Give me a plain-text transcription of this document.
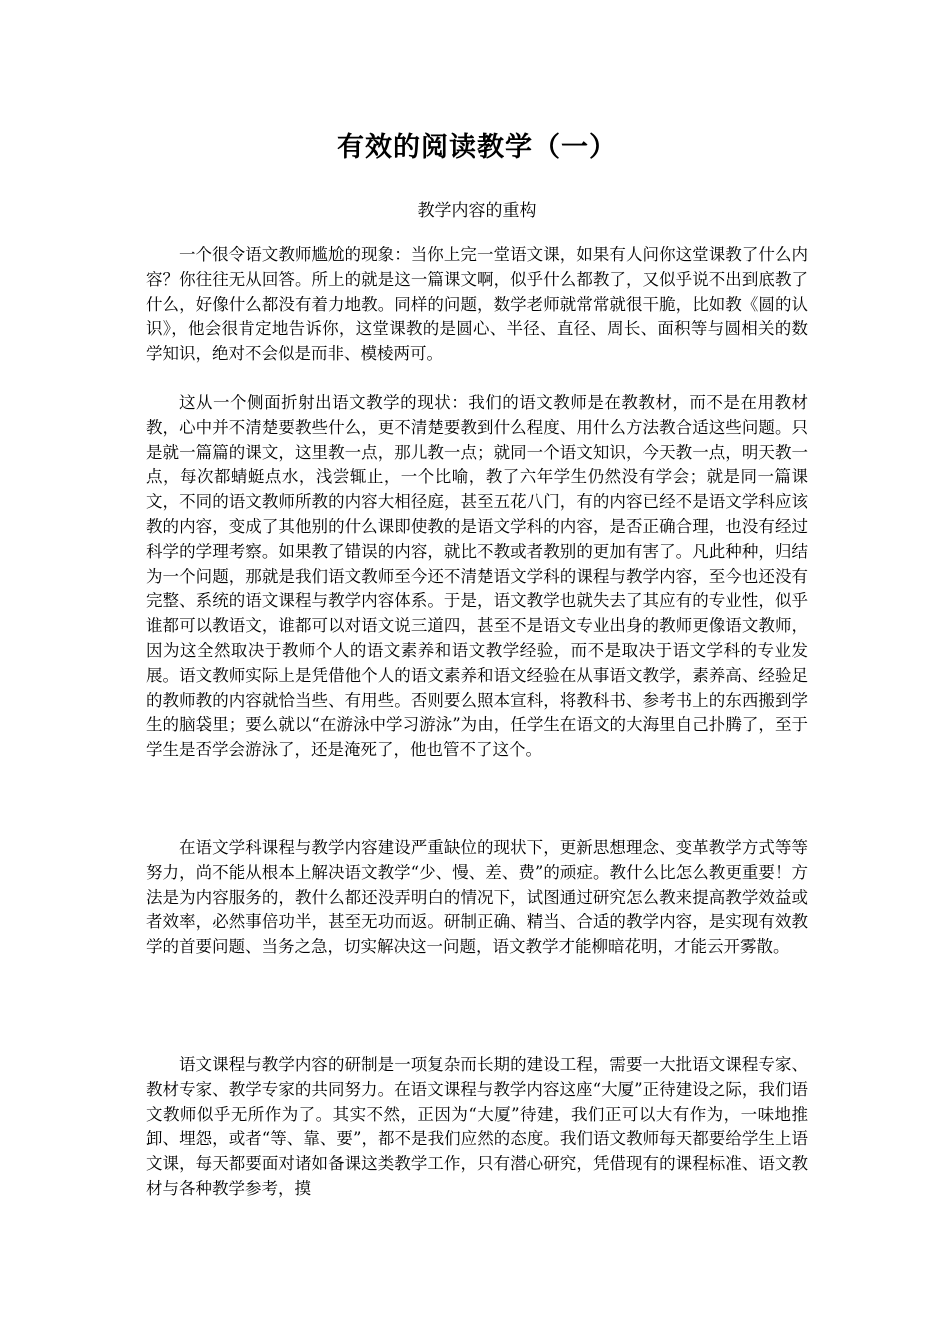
有效的阅读教学（一）
教学内容的重构

一个很令语文教师尴尬的现象：当你上完一堂语文课，如果有人问你这堂课教了什么内容？你往往无从回答。所上的就是这一篇课文啊，似乎什么都教了，又似乎说不出到底教了什么，好像什么都没有着力地教。同样的问题，数学老师就常常就很干脆，比如教《圆的认识》，他会很肯定地告诉你，这堂课教的是圆心、半径、直径、周长、面积等与圆相关的数学知识，绝对不会似是而非、模棱两可。

这从一个侧面折射出语文教学的现状：我们的语文教师是在教教材，而不是在用教材教，心中并不清楚要教些什么，更不清楚要教到什么程度、用什么方法教合适这些问题。只是就一篇篇的课文，这里教一点，那儿教一点；就同一个语文知识，今天教一点，明天教一点，每次都蜻蜓点水，浅尝辄止，一个比喻，教了六年学生仍然没有学会；就是同一篇课文，不同的语文教师所教的内容大相径庭，甚至五花八门，有的内容已经不是语文学科应该教的内容，变成了其他别的什么课即使教的是语文学科的内容，是否正确合理，也没有经过科学的学理考察。如果教了错误的内容，就比不教或者教别的更加有害了。凡此种种，归结为一个问题，那就是我们语文教师至今还不清楚语文学科的课程与教学内容，至今也还没有完整、系统的语文课程与教学内容体系。于是，语文教学也就失去了其应有的专业性，似乎谁都可以教语文，谁都可以对语文说三道四，甚至不是语文专业出身的教师更像语文教师，因为这全然取决于教师个人的语文素养和语文教学经验，而不是取决于语文学科的专业发展。语文教师实际上是凭借他个人的语文素养和语文经验在从事语文教学，素养高、经验足的教师教的内容就恰当些、有用些。否则要么照本宣科，将教科书、参考书上的东西搬到学生的脑袋里；要么就以“在游泳中学习游泳”为由，任学生在语文的大海里自己扑腾了，至于学生是否学会游泳了，还是淹死了，他也管不了这个。

在语文学科课程与教学内容建设严重缺位的现状下，更新思想理念、变革教学方式等等努力，尚不能从根本上解决语文教学“少、慢、差、费”的顽症。教什么比怎么教更重要！方法是为内容服务的，教什么都还没弄明白的情况下，试图通过研究怎么教来提高教学效益或者效率，必然事倍功半，甚至无功而返。研制正确、精当、合适的教学内容，是实现有效教学的首要问题、当务之急，切实解决这一问题，语文教学才能柳暗花明，才能云开雾散。

语文课程与教学内容的研制是一项复杂而长期的建设工程，需要一大批语文课程专家、教材专家、教学专家的共同努力。在语文课程与教学内容这座“大厦”正待建设之际，我们语文教师似乎无所作为了。其实不然，正因为“大厦”待建，我们正可以大有作为，一味地推卸、埋怨，或者“等、靠、要”，都不是我们应然的态度。我们语文教师每天都要给学生上语文课，每天都要面对诸如备课这类教学工作，只有潜心研究，凭借现有的课程标准、语文教材与各种教学参考，摸
